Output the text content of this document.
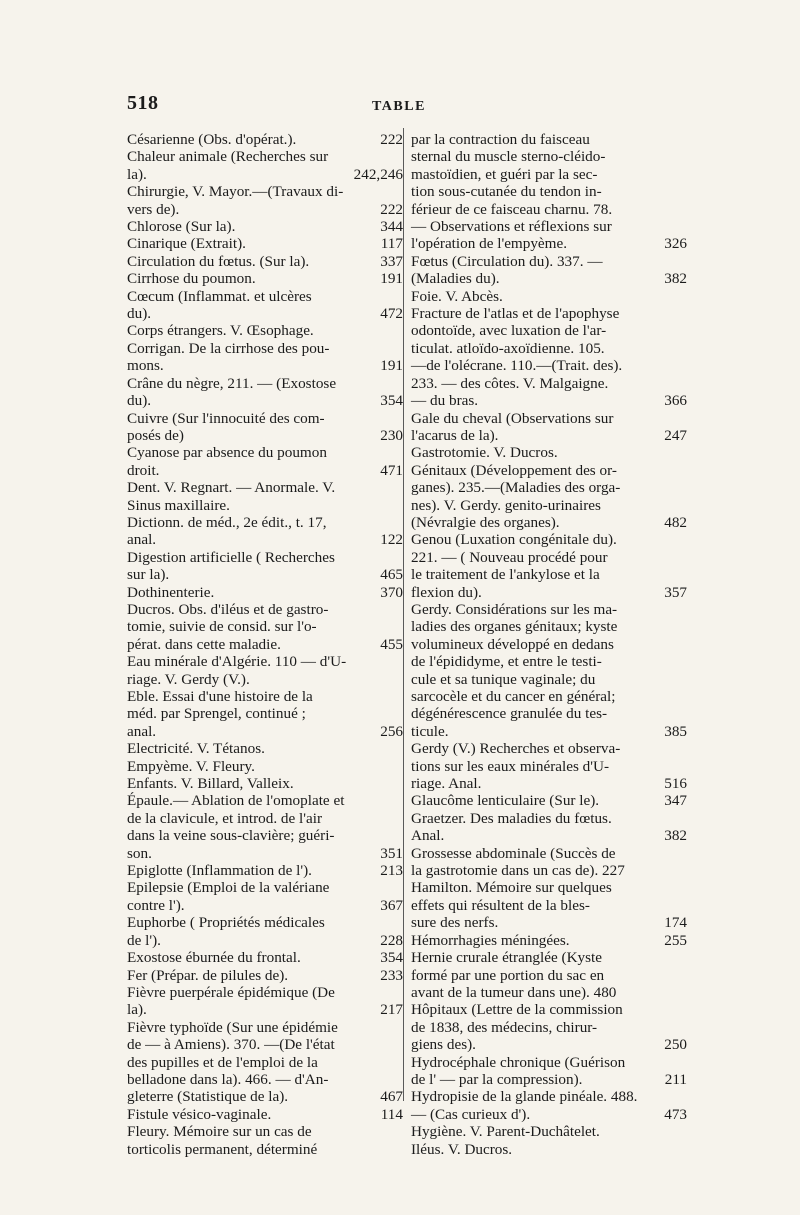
518	TABLE
Césarienne (Obs. d'opérat.).	222
Chaleur animale (Recherches sur
la).	242,246
Chirurgie, V. Mayor.—(Travaux di-
vers de).	222
Chlorose (Sur la).	344
Cinarique (Extrait).	117
Circulation du fœtus. (Sur la).	337
Cirrhose du poumon.	191
Cœcum (Inflammat. et ulcères
du).	472
Corps étrangers. V. Œsophage.
Corrigan. De la cirrhose des pou-
mons.	191
Crâne du nègre, 211. — (Exostose
du).	354
Cuivre (Sur l'innocuité des com-
posés de)	230
Cyanose par absence du poumon
droit.	471
Dent. V. Regnart. — Anormale. V.
Sinus maxillaire.
Dictionn. de méd., 2e édit., t. 17,
anal.	122
Digestion artificielle ( Recherches
sur la).	465
Dothinenterie.	370
Ducros. Obs. d'iléus et de gastro-
tomie, suivie de consid. sur l'o-
pérat. dans cette maladie.	455
Eau minérale d'Algérie. 110 — d'U-
riage. V. Gerdy (V.).
Eble. Essai d'une histoire de la
méd. par Sprengel, continué ;
anal.	256
Electricité. V. Tétanos.
Empyème. V. Fleury.
Enfants. V. Billard, Valleix.
Épaule.— Ablation de l'omoplate et
de la clavicule, et introd. de l'air
dans la veine sous-clavière; guéri-
son.	351
Epiglotte (Inflammation de l').	213
Epilepsie (Emploi de la valériane
contre l').	367
Euphorbe ( Propriétés médicales
de l').	228
Exostose éburnée du frontal.	354
Fer (Prépar. de pilules de).	233
Fièvre puerpérale épidémique (De
la).	217
Fièvre typhoïde (Sur une épidémie
de — à Amiens). 370. —(De l'état
des pupilles et de l'emploi de la
belladone dans la). 466. — d'An-
gleterre (Statistique de la).	467
Fistule vésico-vaginale.	114
Fleury. Mémoire sur un cas de
torticolis permanent, déterminé
par la contraction du faisceau
sternal du muscle sterno-cléido-
mastoïdien, et guéri par la sec-
tion sous-cutanée du tendon in-
férieur de ce faisceau charnu. 78.
— Observations et réflexions sur
l'opération de l'empyème.	326
Fœtus (Circulation du). 337. —
(Maladies du).	382
Foie. V. Abcès.
Fracture de l'atlas et de l'apophyse
odontoïde, avec luxation de l'ar-
ticulat. atloïdo-axoïdienne. 105.
—de l'olécrane. 110.—(Trait. des).
233. — des côtes. V. Malgaigne.
— du bras.	366
Gale du cheval (Observations sur
l'acarus de la).	247
Gastrotomie. V. Ducros.
Génitaux (Développement des or-
ganes). 235.—(Maladies des orga-
nes). V. Gerdy. genito-urinaires
(Névralgie des organes).	482
Genou (Luxation congénitale du).
221. — ( Nouveau procédé pour
le traitement de l'ankylose et la
flexion du).	357
Gerdy. Considérations sur les ma-
ladies des organes génitaux; kyste
volumineux développé en dedans
de l'épididyme, et entre le testi-
cule et sa tunique vaginale; du
sarcocèle et du cancer en général;
dégénérescence granulée du tes-
ticule.	385
Gerdy (V.) Recherches et observa-
tions sur les eaux minérales d'U-
riage. Anal.	516
Glaucôme lenticulaire (Sur le).	347
Graetzer. Des maladies du fœtus.
Anal.	382
Grossesse abdominale (Succès de
la gastrotomie dans un cas de). 227
Hamilton. Mémoire sur quelques
effets qui résultent de la bles-
sure des nerfs.	174
Hémorrhagies méningées.	255
Hernie crurale étranglée (Kyste
formé par une portion du sac en
avant de la tumeur dans une). 480
Hôpitaux (Lettre de la commission
de 1838, des médecins, chirur-
giens des).	250
Hydrocéphale chronique (Guérison
de l' — par la compression).	211
Hydropisie de la glande pinéale. 488.
— (Cas curieux d').	473
Hygiène. V. Parent-Duchâtelet.
Iléus. V. Ducros.
